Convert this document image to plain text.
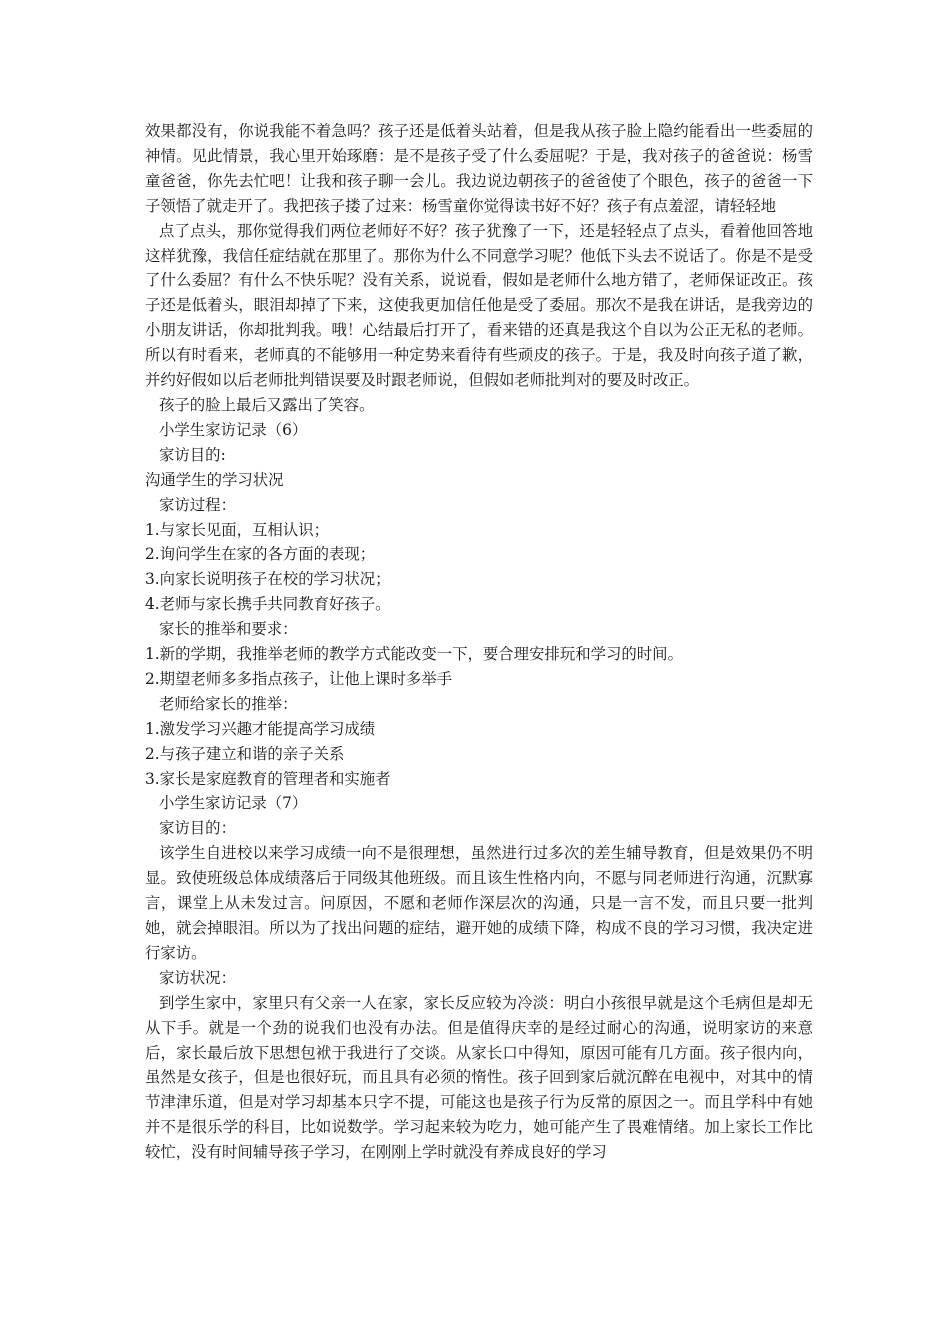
效果都没有，你说我能不着急吗？孩子还是低着头站着，但是我从孩子脸上隐约能看出一些委屈的神情。见此情景，我心里开始琢磨：是不是孩子受了什么委屈呢？于是，我对孩子的爸爸说：杨雪童爸爸，你先去忙吧！让我和孩子聊一会儿。我边说边朝孩子的爸爸使了个眼色，孩子的爸爸一下子领悟了就走开了。我把孩子搂了过来：杨雪童你觉得读书好不好？孩子有点羞涩，请轻轻地

点了点头，那你觉得我们两位老师好不好？孩子犹豫了一下，还是轻轻点了点头，看着他回答地这样犹豫，我信任症结就在那里了。那你为什么不同意学习呢？他低下头去不说话了。你是不是受了什么委屈？有什么不快乐呢？没有关系，说说看，假如是老师什么地方错了，老师保证改正。孩子还是低着头，眼泪却掉了下来，这使我更加信任他是受了委屈。那次不是我在讲话，是我旁边的小朋友讲话，你却批判我。哦！心结最后打开了，看来错的还真是我这个自以为公正无私的老师。所以有时看来，老师真的不能够用一种定势来看待有些顽皮的孩子。于是，我及时向孩子道了歉，并约好假如以后老师批判错误要及时跟老师说，但假如老师批判对的要及时改正。

孩子的脸上最后又露出了笑容。

小学生家访记录（6）

家访目的:

沟通学生的学习状况

家访过程：

1.与家长见面，互相认识；

2.询问学生在家的各方面的表现；

3.向家长说明孩子在校的学习状况；

4.老师与家长携手共同教育好孩子。

家长的推举和要求：

1.新的学期，我推举老师的教学方式能改变一下，要合理安排玩和学习的时间。

2.期望老师多多指点孩子，让他上课时多举手

老师给家长的推举：

1.激发学习兴趣才能提高学习成绩

2.与孩子建立和谐的亲子关系

3.家长是家庭教育的管理者和实施者

小学生家访记录（7）

家访目的：

该学生自进校以来学习成绩一向不是很理想，虽然进行过多次的差生辅导教育，但是效果仍不明显。致使班级总体成绩落后于同级其他班级。而且该生性格内向，不愿与同老师进行沟通，沉默寡言，课堂上从未发过言。问原因，不愿和老师作深层次的沟通，只是一言不发，而且只要一批判她，就会掉眼泪。所以为了找出问题的症结，避开她的成绩下降，构成不良的学习习惯，我决定进行家访。

家访状况：

到学生家中，家里只有父亲一人在家，家长反应较为冷淡：明白小孩很早就是这个毛病但是却无从下手。就是一个劲的说我们也没有办法。但是值得庆幸的是经过耐心的沟通，说明家访的来意后，家长最后放下思想包袱于我进行了交谈。从家长口中得知，原因可能有几方面。孩子很内向，虽然是女孩子，但是也很好玩，而且具有必须的惰性。孩子回到家后就沉醉在电视中，对其中的情节津津乐道，但是对学习却基本只字不提，可能这也是孩子行为反常的原因之一。而且学科中有她并不是很乐学的科目，比如说数学。学习起来较为吃力，她可能产生了畏难情绪。加上家长工作比较忙，没有时间辅导孩子学习，在刚刚上学时就没有养成良好的学习
